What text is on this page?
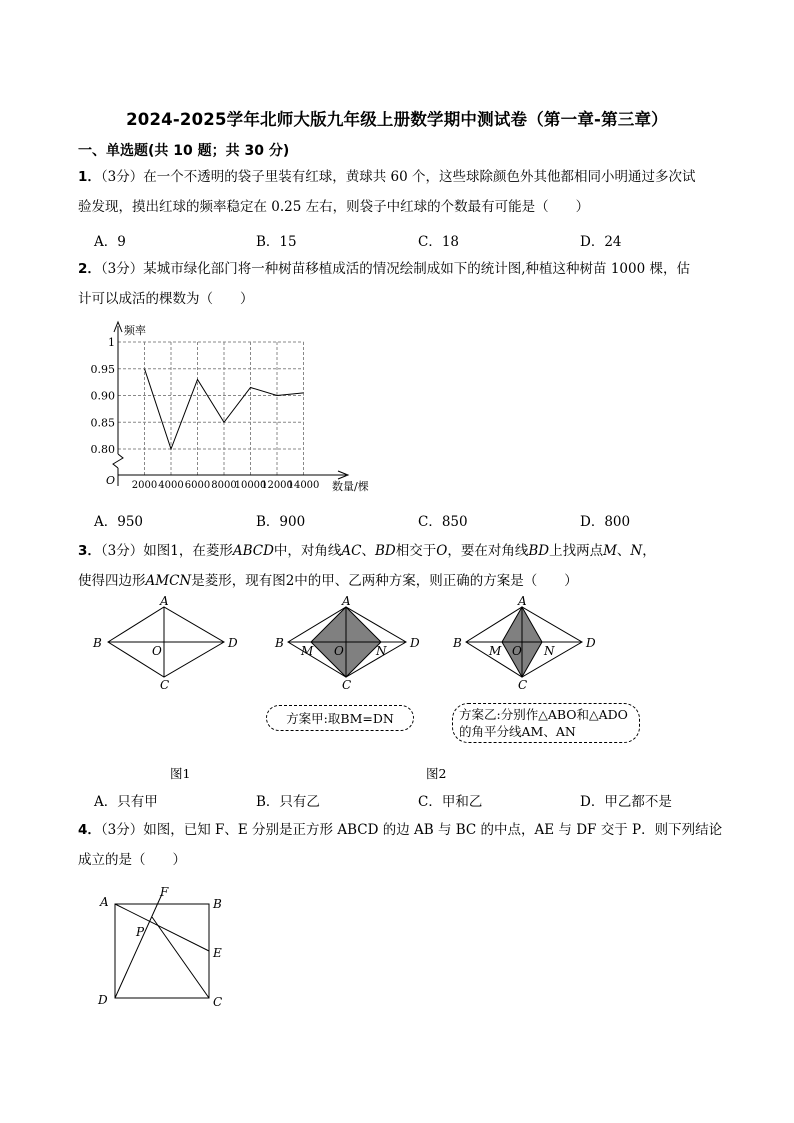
2024-2025学年北师大版九年级上册数学期中测试卷（第一章-第三章）
一、单选题(共 10 题；共 30 分)
1．（3分）在一个不透明的袋子里装有红球，黄球共 60 个，这些球除颜色外其他都相同小明通过多次试
验发现，摸出红球的频率稳定在 0.25 左右，则袋子中红球的个数最有可能是（　　）
A．9	B．15	C．18	D．24
2．（3分）某城市绿化部门将一种树苗移植成活的情况绘制成如下的统计图,种植这种树苗 1000 棵，估
计可以成活的棵数为（　　）
频率
数量/棵
O
1
0.95
0.90
0.85
0.80
2000 4000 6000 8000
10000
12000
14000
A．950	B．900	C．850	D．800
3．（3分）如图1，在菱形ABCD中，对角线AC、BD相交于O，要在对角线BD上找两点M、N，
使得四边形AMCN是菱形，现有图2中的甲、乙两种方案，则正确的方案是（　　）
A
B	D
C
O
A
B	D
C
O
M	N
A
B	D
C
O
M	N
方案甲:取BM=DN	方案乙:分别作△ABO和△ADO
的角平分线AM、AN
图1	图2
A．只有甲	B．只有乙	C．甲和乙	D．甲乙都不是
4．（3分）如图，已知 F、E 分别是正方形 ABCD 的边 AB 与 BC 的中点，AE 与 DF 交于 P．则下列结论
成立的是（　　）
A	B
C
D
E
F
P
